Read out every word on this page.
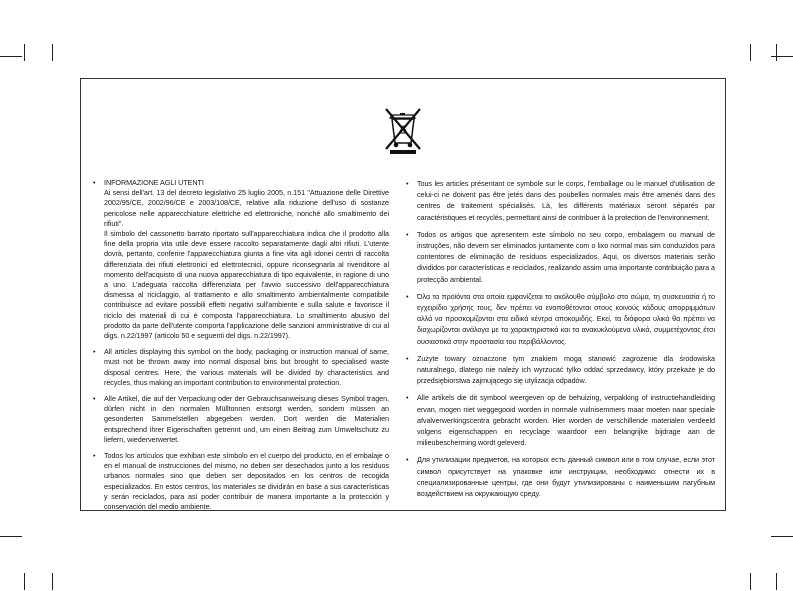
• INFORMAZIONE AGLI UTENTI

Ai sensi dell'art. 13 del decreto legislativo 25 luglio 2005, n.151 "Attuazione delle Direttive 2002/95/CE, 2002/96/CE e 2003/108/CE, relative alla riduzione dell'uso di sostanze pericolose nelle apparecchiature elettriche ed elettroniche, nonché allo smaltimento dei rifiuti".

Il simbolo del cassonetto barrato riportato sull'apparecchiatura indica che il prodotto alla fine della propria vita utile deve essere raccolto separatamente dagli altri rifiuti. L'utente dovrà, pertanto, conferire l'apparecchiatura giunta a fine vita agli idonei centri di raccolta differenziata dei rifiuti elettronici ed elettrotecnici, oppure riconsegnarla al rivenditore al momento dell'acquisto di una nuova apparecchiatura di tipo equivalente, in ragione di uno a uno. L'adeguata raccolta differenziata per l'avvio successivo dell'apparecchiatura dismessa al riciclaggio, al trattamento e allo smaltimento ambientalmente compatibile contribuisce ad evitare possibili effetti negativi sull'ambiente e sulla salute e favorisce il riciclo dei materiali di cui è composta l'apparecchiatura. Lo smaltimento abusivo del prodotto da parte dell'utente comporta l'applicazione delle sanzioni amministrative di cui al digs. n.22/1997 (articolo 50 e seguenti del digs. n.22/1997).

• All articles displaying this symbol on the body, packaging or instruction manual of same, must not be thrown away into normal disposal bins but brought to specialised waste disposal centres. Here, the various materials will be divided by characteristics and recycles, thus making an important contribution to environmental protection.
• Alle Artikel, die auf der Verpackung oder der Gebrauchsanweisung dieses Symbol tragen, dürfen nicht in den normalen Mülltonnen entsorgt werden, sondern müssen an gesonderten Sammelstellen abgegeben werden. Dort werden die Materialien entsprechend ihrer Eigenschaften getrennt und, um einen Beitrag zum Umweltschutz zu liefern, wiederverwertet.
• Todos los artículos que exhiban este símbolo en el cuerpo del producto, en el embalaje o en el manual de instrucciones del mismo, no deben ser desechados junto a los residuos urbanos normales sino que deben ser depositados en los centros de recogida especializados. En estos centros, los materiales se dividirán en base a sus características y serán reciclados, para así poder contribuir de manera importante a la protección y conservación del medio ambiente.
• Tous les articles présentant ce symbole sur le corps, l'emballage ou le manuel d'utilisation de celui-ci ne doivent pas être jetés dans des poubelles normales mais être amenés dans des centres de traitement spécialisés. Là, les différents matériaux seront séparés par caractéristiques et recyclés, permettant ainsi de contribuer à la protection de l'environnement.
• Todos os artigos que apresentem este símbolo no seu corpo, embalagem ou manual de instruções, não devem ser eliminados juntamente com o lixo normal mas sim conduzidos para contentores de eliminação de resíduos especializados. Aqui, os diversos materiais serão divididos por características e reciclados, realizando assim uma importante contribuição para a protecção ambiental.
• Όλα τα προϊόντα στα οποία εμφανίζεται το ακόλουθο σύμβολο στο σώμα, τη συσκευασία ή το εγχειρίδιο χρήσης τους, δεν πρέπει να εναποθέτονται στους κοινούς κάδους απορριμμάτων αλλά να προσκομίζονται στα ειδικά κέντρα αποκομιδής. Εκεί, τα διάφορα υλικά θα πρέπει να διαχωρίζονται ανάλογα με τα χαρακτηριστικά και τα ανακυκλούμενα υλικά, συμμετέχοντας έτσι ουσιαστικά στην προστασία του περιβάλλοντος.
• Zużyte towary oznaczone tym znakiem mogą stanowić zagrożenie dla środowiska naturalnego, dlatego nie należy ich wyrzucać tylko oddać sprzedawcy, który przekaże je do przedsiębiorstwa zajmującego się utylizacja odpadów.
• Alle artikels die dit symbool weergeven op de behuizing, verpakking of instructiehandleiding ervan, mogen niet weggegooid worden in normale vuilnisemmers maar moeten naar speciale afvalverwerkingscentra gebracht worden. Hier worden de verschillende materialen verdeeld volgens eigenschappen en recyclage waardoor een belangrijke bijdrage aan de milieubescherming wordt geleverd.
• Для утилизации предметов, на которых есть данный символ или в том случае, если этот символ присутствует на упаковке или инструкции, необходимо: отнести их в специализированные центры, где они будут утилизированы с наименьшим пагубным воздействием на окружающую среду.
